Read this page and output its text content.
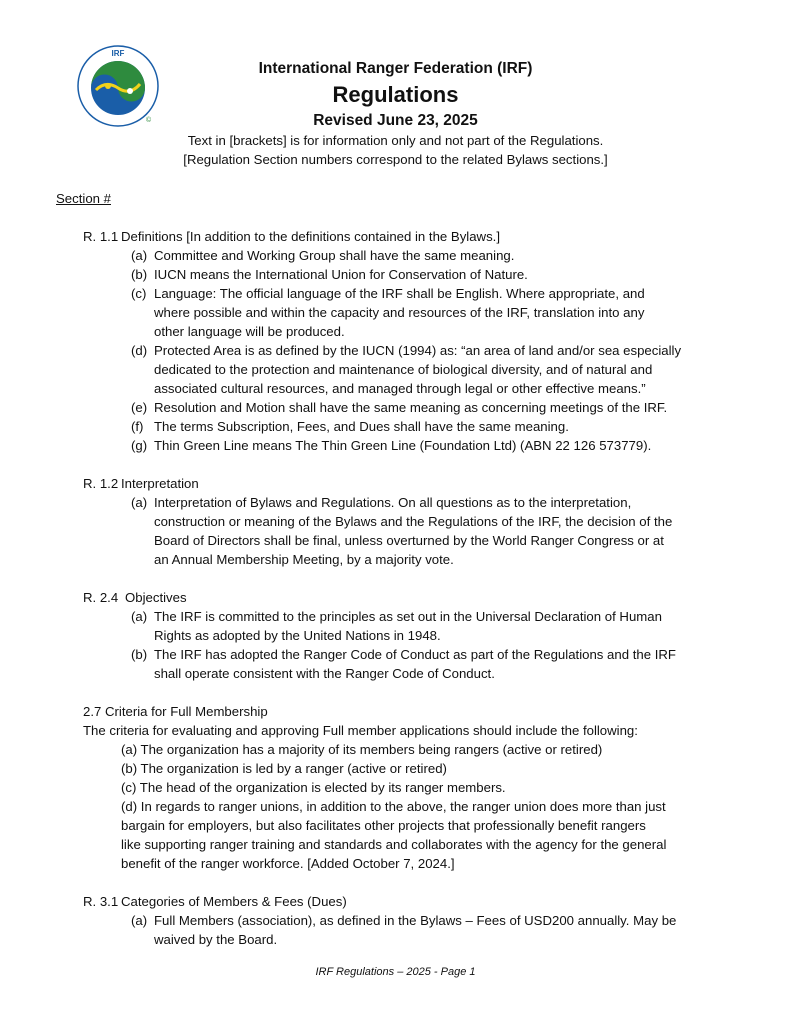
IRF
©
International Ranger Federation (IRF)
Regulations
Revised June 23, 2025
Text in [brackets] is for information only and not part of the Regulations.
[Regulation Section numbers correspond to the related Bylaws sections.]
Section #
R. 1.1 Definitions [In addition to the definitions contained in the Bylaws.]
(a) Committee and Working Group shall have the same meaning.
(b) IUCN means the International Union for Conservation of Nature.
(c) Language: The official language of the IRF shall be English. Where appropriate, and
where possible and within the capacity and resources of the IRF, translation into any
other language will be produced.
(d) Protected Area is as defined by the IUCN (1994) as: “an area of land and/or sea especially
dedicated to the protection and maintenance of biological diversity, and of natural and
associated cultural resources, and managed through legal or other effective means.”
(e) Resolution and Motion shall have the same meaning as concerning meetings of the IRF.
(f) The terms Subscription, Fees, and Dues shall have the same meaning.
(g) Thin Green Line means The Thin Green Line (Foundation Ltd) (ABN 22 126 573779).
R. 1.2 Interpretation
(a) Interpretation of Bylaws and Regulations. On all questions as to the interpretation,
construction or meaning of the Bylaws and the Regulations of the IRF, the decision of the
Board of Directors shall be final, unless overturned by the World Ranger Congress or at
an Annual Membership Meeting, by a majority vote.
R. 2.4 Objectives
(a) The IRF is committed to the principles as set out in the Universal Declaration of Human
Rights as adopted by the United Nations in 1948.
(b) The IRF has adopted the Ranger Code of Conduct as part of the Regulations and the IRF
shall operate consistent with the Ranger Code of Conduct.
2.7 Criteria for Full Membership
The criteria for evaluating and approving Full member applications should include the following:
(a) The organization has a majority of its members being rangers (active or retired)
(b) The organization is led by a ranger (active or retired)
(c) The head of the organization is elected by its ranger members.
(d) In regards to ranger unions, in addition to the above, the ranger union does more than just
bargain for employers, but also facilitates other projects that professionally benefit rangers
like supporting ranger training and standards and collaborates with the agency for the general
benefit of the ranger workforce. [Added October 7, 2024.]
R. 3.1 Categories of Members & Fees (Dues)
(a) Full Members (association), as defined in the Bylaws – Fees of USD200 annually. May be
waived by the Board.
IRF Regulations – 2025 - Page 1
